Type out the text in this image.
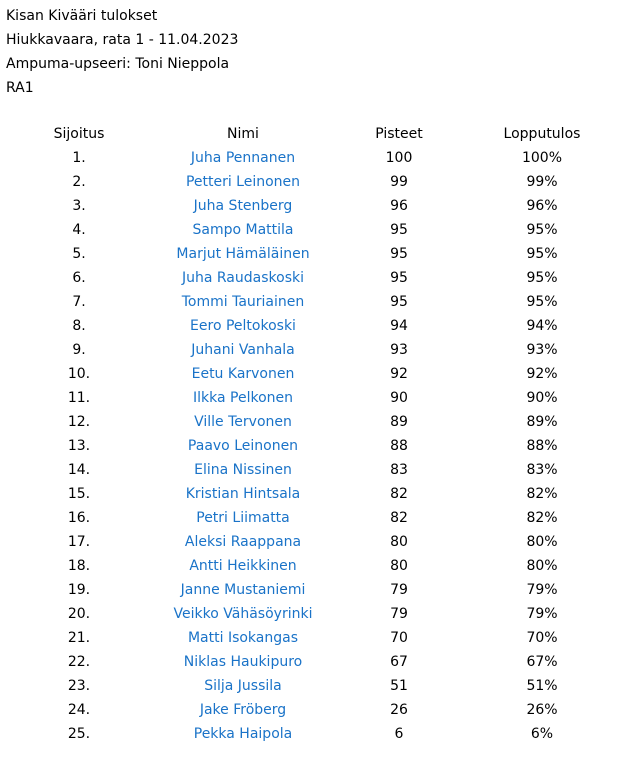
Kisan Kivääri tulokset
Hiukkavaara, rata 1 - 11.04.2023
Ampuma-upseeri: Toni Nieppola
RA1
Sijoitus	Nimi	Pisteet	Lopputulos
1.	Juha Pennanen	100	100%
2.	Petteri Leinonen	99	99%
3.	Juha Stenberg	96	96%
4.	Sampo Mattila	95	95%
5.	Marjut Hämäläinen	95	95%
6.	Juha Raudaskoski	95	95%
7.	Tommi Tauriainen	95	95%
8.	Eero Peltokoski	94	94%
9.	Juhani Vanhala	93	93%
10.	Eetu Karvonen	92	92%
11.	Ilkka Pelkonen	90	90%
12.	Ville Tervonen	89	89%
13.	Paavo Leinonen	88	88%
14.	Elina Nissinen	83	83%
15.	Kristian Hintsala	82	82%
16.	Petri Liimatta	82	82%
17.	Aleksi Raappana	80	80%
18.	Antti Heikkinen	80	80%
19.	Janne Mustaniemi	79	79%
20.	Veikko Vähäsöyrinki	79	79%
21.	Matti Isokangas	70	70%
22.	Niklas Haukipuro	67	67%
23.	Silja Jussila	51	51%
24.	Jake Fröberg	26	26%
25.	Pekka Haipola	6	6%
